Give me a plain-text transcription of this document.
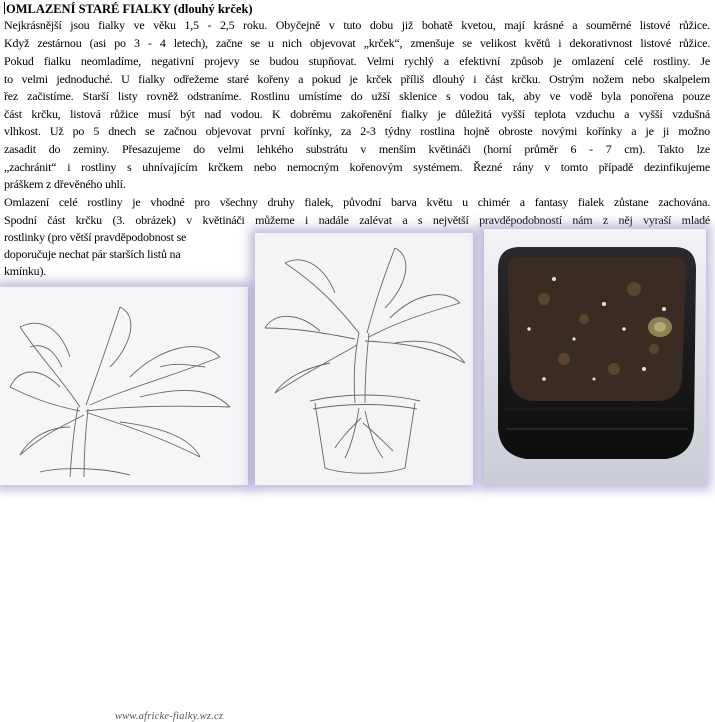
OMLAZENÍ STARÉ FIALKY (dlouhý krček)
Nejkrásnější jsou fialky ve věku 1,5 - 2,5 roku. Obyčejně v tuto dobu již bohatě kvetou, mají krásné a souměrné listové růžice.
Když zestárnou (asi po 3 - 4 letech), začne se u nich objevovat „krček“, zmenšuje se velikost květů i dekorativnost listové růžice.
Pokud fialku neomladíme, negativní projevy se budou stupňovat. Velmi rychlý a efektivní způsob je omlazení celé rostliny. Je
to velmi jednoduché. U fialky odřežeme staré kořeny a pokud je krček příliš dlouhý i část krčku. Ostrým nožem nebo skalpelem
řez začistíme. Starší listy rovněž odstraníme. Rostlinu umístíme do užší sklenice s vodou tak, aby ve vodě byla ponořena pouze
část krčku, listová růžice musí být nad vodou. K dobrému zakořenění fialky je důležitá vyšší teplota vzduchu a vyšší vzdušná
vlhkost. Už po 5 dnech se začnou objevovat první kořínky, za 2-3 týdny rostlina hojně obroste novými kořínky a je ji možno
zasadit do zeminy. Přesazujeme do velmi lehkého substrátu v menším květináči (horní průměr 6 - 7 cm). Takto lze
„zachránit“ i rostliny s uhnívajícím krčkem nebo nemocným kořenovým systémem. Řezné rány v tomto případě dezinfikujeme
práškem z dřevěného uhlí.
Omlazení celé rostliny je vhodné pro všechny druhy fialek, původní barva květu u chimér a fantasy fialek zůstane zachována.
Spodní část krčku (3. obrázek) v květináči můžeme i nadále zalévat a s největší pravděpodobností nám z něj vyraší mladé
rostlinky (pro větší pravděpodobnost se
doporučuje nechat pár starších listů na
kmínku).
www.africke-fialky.wz.cz
